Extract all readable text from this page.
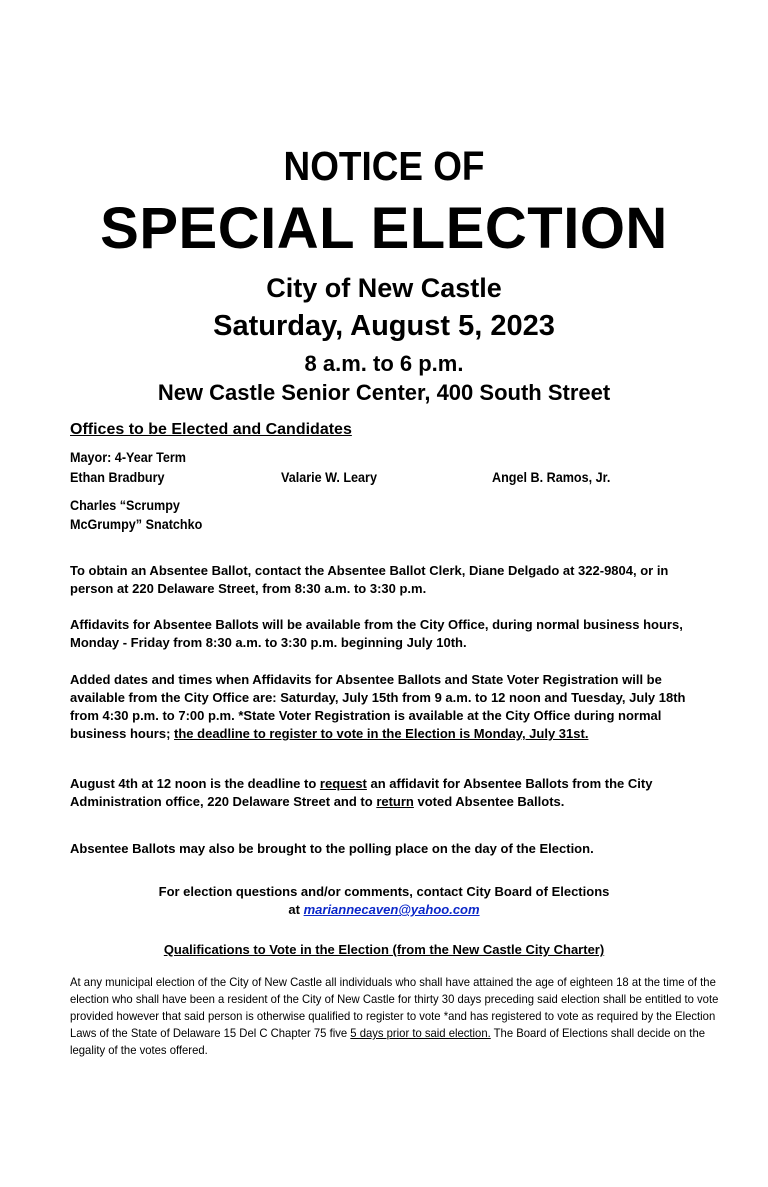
NOTICE OF
SPECIAL ELECTION
City of New Castle
Saturday, August 5, 2023
8 a.m. to 6 p.m.
New Castle Senior Center, 400 South Street
Offices to be Elected and Candidates
Mayor: 4-Year Term
Ethan Bradbury	Valarie W. Leary	Angel B. Ramos, Jr.
Charles “Scrumpy
McGrumpy” Snatchko
To obtain an Absentee Ballot, contact the Absentee Ballot Clerk, Diane Delgado at 322-9804, or in person at 220 Delaware Street, from 8:30 a.m. to 3:30 p.m.
Affidavits for Absentee Ballots will be available from the City Office, during normal business hours, Monday - Friday from 8:30 a.m. to 3:30 p.m. beginning July 10th.
Added dates and times when Affidavits for Absentee Ballots and State Voter Registration will be available from the City Office are: Saturday, July 15th from 9 a.m. to 12 noon and Tuesday, July 18th from 4:30 p.m. to 7:00 p.m. *State Voter Registration is available at the City Office during normal business hours; the deadline to register to vote in the Election is Monday, July 31st.
August 4th at 12 noon is the deadline to request an affidavit for Absentee Ballots from the City Administration office, 220 Delaware Street and to return voted Absentee Ballots.
Absentee Ballots may also be brought to the polling place on the day of the Election.
For election questions and/or comments, contact City Board of Elections
at mariannecaven@yahoo.com
Qualifications to Vote in the Election (from the New Castle City Charter)
At any municipal election of the City of New Castle all individuals who shall have attained the age of eighteen 18 at the time of the election who shall have been a resident of the City of New Castle for thirty 30 days preceding said election shall be entitled to vote provided however that said person is otherwise qualified to register to vote *and has registered to vote as required by the Election Laws of the State of Delaware 15 Del C Chapter 75 five 5 days prior to said election. The Board of Elections shall decide on the legality of the votes offered.
